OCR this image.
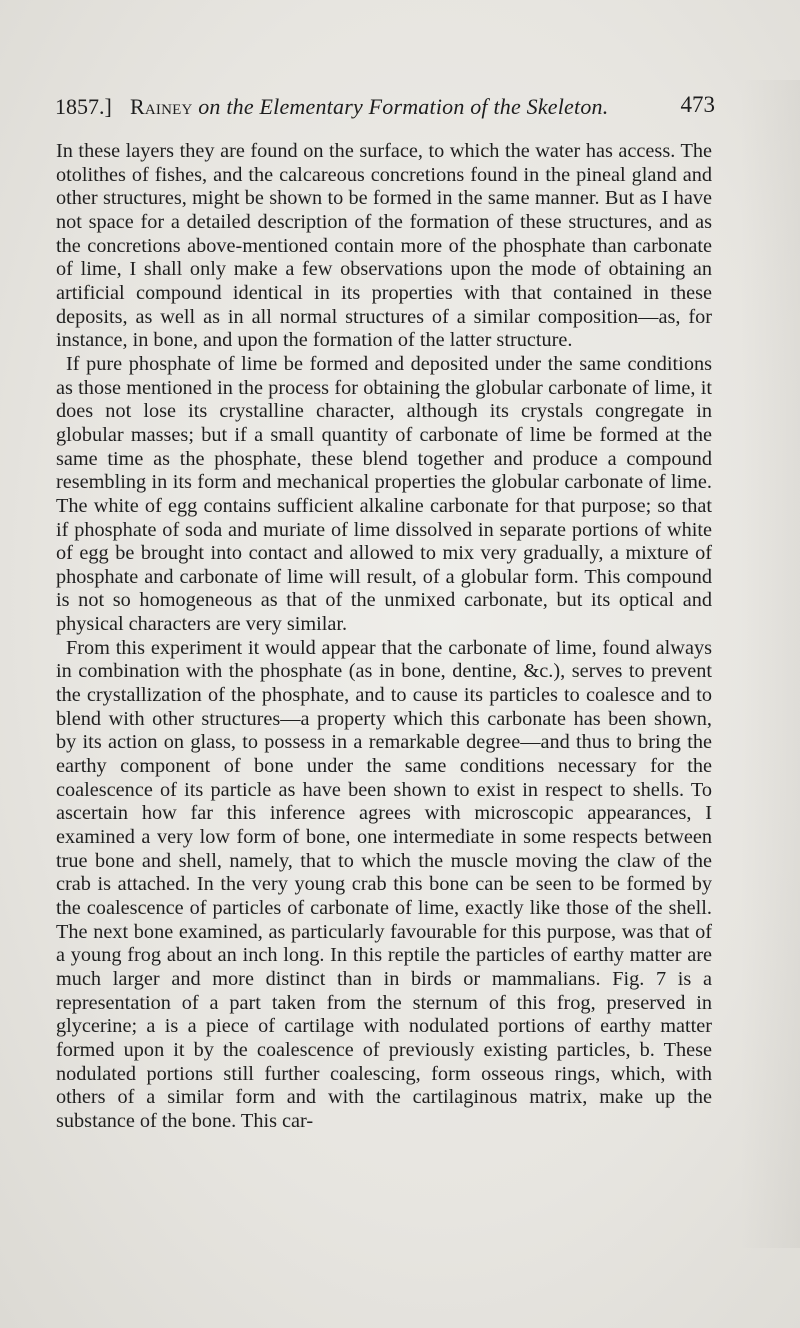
1857.] Rainey on the Elementary Formation of the Skeleton.	473

In these layers they are found on the surface, to which the water has access. The otolithes of fishes, and the calcareous concretions found in the pineal gland and other structures, might be shown to be formed in the same manner. But as I have not space for a detailed description of the formation of these structures, and as the concretions above-mentioned contain more of the phosphate than carbonate of lime, I shall only make a few observations upon the mode of obtaining an artificial compound identical in its properties with that contained in these deposits, as well as in all normal structures of a similar composition—as, for instance, in bone, and upon the formation of the latter structure.

If pure phosphate of lime be formed and deposited under the same conditions as those mentioned in the process for obtaining the globular carbonate of lime, it does not lose its crystalline character, although its crystals congregate in globular masses; but if a small quantity of carbonate of lime be formed at the same time as the phosphate, these blend together and produce a compound resembling in its form and mechanical properties the globular carbonate of lime. The white of egg contains sufficient alkaline carbonate for that purpose; so that if phosphate of soda and muriate of lime dissolved in separate portions of white of egg be brought into contact and allowed to mix very gradually, a mixture of phosphate and carbonate of lime will result, of a globular form. This compound is not so homogeneous as that of the unmixed carbonate, but its optical and physical characters are very similar.

From this experiment it would appear that the carbonate of lime, found always in combination with the phosphate (as in bone, dentine, &c.), serves to prevent the crystallization of the phosphate, and to cause its particles to coalesce and to blend with other structures—a property which this carbonate has been shown, by its action on glass, to possess in a remarkable degree—and thus to bring the earthy component of bone under the same conditions necessary for the coalescence of its particle as have been shown to exist in respect to shells. To ascertain how far this inference agrees with microscopic appearances, I examined a very low form of bone, one intermediate in some respects between true bone and shell, namely, that to which the muscle moving the claw of the crab is attached. In the very young crab this bone can be seen to be formed by the coalescence of particles of carbonate of lime, exactly like those of the shell. The next bone examined, as particularly favourable for this purpose, was that of a young frog about an inch long. In this reptile the particles of earthy matter are much larger and more distinct than in birds or mammalians. Fig. 7 is a representation of a part taken from the sternum of this frog, preserved in glycerine; a is a piece of cartilage with nodulated portions of earthy matter formed upon it by the coalescence of previously existing particles, b. These nodulated portions still further coalescing, form osseous rings, which, with others of a similar form and with the cartilaginous matrix, make up the substance of the bone. This car-
